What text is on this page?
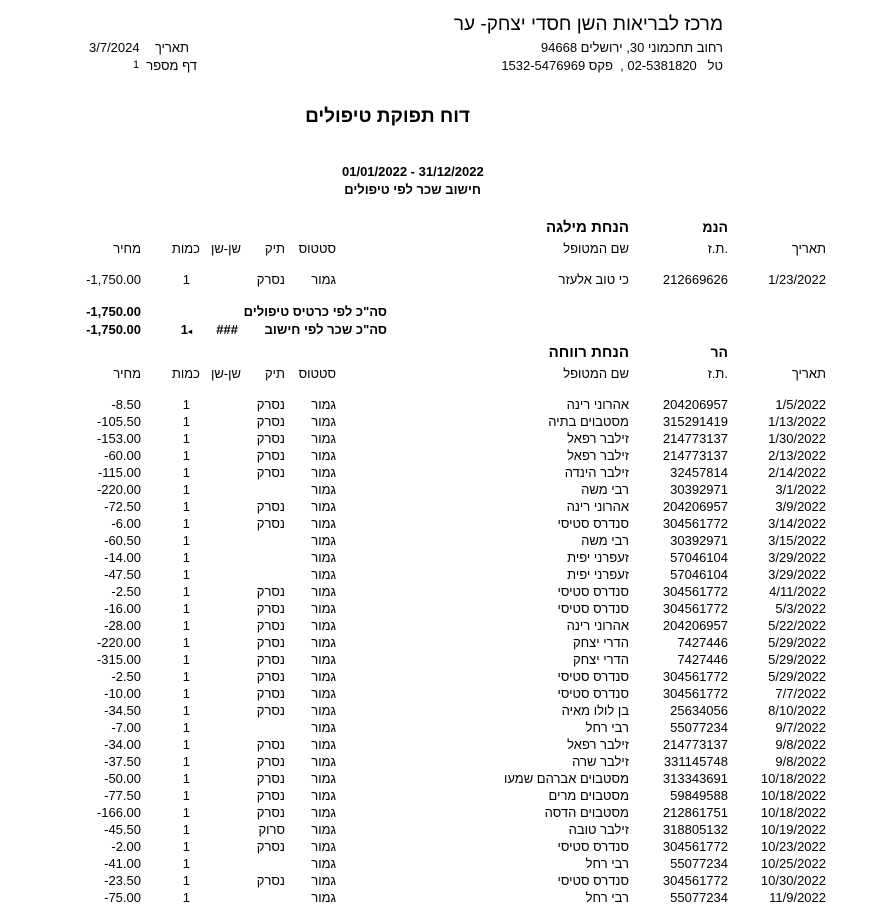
מרכז לבריאות השן חסדי יצחק- ער
רחוב תחכמוני 30, ירושלים 94668
טל   02-5381820 ,  פקס 1532-5476969
תאריך
3/7/2024
דף מספר
1
דוח תפוקת טיפולים
01/01/2022 - 31/12/2022
חישוב שכר לפי טיפולים
הנמ
הנחת מילגה
תאריך
ת.ז.
שם המטופל
סטטוס
תיק
שן-שן
כמות
מחיר
1/23/2022
212669626
כי טוב אלעזר
גמור
נסרק
1
-1,750.00
סה"כ לפי כרטיס טיפולים
-1,750.00
סה"כ שכר לפי חישוב
###
1◂
-1,750.00
הר
הנחת רווחה
תאריך
ת.ז.
שם המטופל
סטטוס
תיק
שן-שן
כמות
מחיר
1/5/2022
204206957
אהרוני רינה
גמור
נסרק
1
-8.50
1/13/2022
315291419
מסטבוים בתיה
גמור
נסרק
1
-105.50
1/30/2022
214773137
זילבר רפאל
גמור
נסרק
1
-153.00
2/13/2022
214773137
זילבר רפאל
גמור
נסרק
1
-60.00
2/14/2022
32457814
זילבר הינדה
גמור
נסרק
1
-115.00
3/1/2022
30392971
רבי משה
גמור
1
-220.00
3/9/2022
204206957
אהרוני רינה
גמור
נסרק
1
-72.50
3/14/2022
304561772
סנדרס סטיסי
גמור
נסרק
1
-6.00
3/15/2022
30392971
רבי משה
גמור
1
-60.50
3/29/2022
57046104
זעפרני יפית
גמור
1
-14.00
3/29/2022
57046104
זעפרני יפית
גמור
1
-47.50
4/11/2022
304561772
סנדרס סטיסי
גמור
נסרק
1
-2.50
5/3/2022
304561772
סנדרס סטיסי
גמור
נסרק
1
-16.00
5/22/2022
204206957
אהרוני רינה
גמור
נסרק
1
-28.00
5/29/2022
7427446
הדרי יצחק
גמור
נסרק
1
-220.00
5/29/2022
7427446
הדרי יצחק
גמור
נסרק
1
-315.00
5/29/2022
304561772
סנדרס סטיסי
גמור
נסרק
1
-2.50
7/7/2022
304561772
סנדרס סטיסי
גמור
נסרק
1
-10.00
8/10/2022
25634056
בן לולו מאיה
גמור
נסרק
1
-34.50
9/7/2022
55077234
רבי רחל
גמור
1
-7.00
9/8/2022
214773137
זילבר רפאל
גמור
נסרק
1
-34.00
9/8/2022
331145748
זילבר שרה
גמור
נסרק
1
-37.50
10/18/2022
313343691
מסטבוים אברהם שמעו
גמור
נסרק
1
-50.00
10/18/2022
59849588
מסטבוים מרים
גמור
נסרק
1
-77.50
10/18/2022
212861751
מסטבוים הדסה
גמור
נסרק
1
-166.00
10/19/2022
318805132
זילבר טובה
גמור
סרוק
1
-45.50
10/23/2022
304561772
סנדרס סטיסי
גמור
נסרק
1
-2.00
10/25/2022
55077234
רבי רחל
גמור
1
-41.00
10/30/2022
304561772
סנדרס סטיסי
גמור
נסרק
1
-23.50
11/9/2022
55077234
רבי רחל
גמור
1
-75.00
